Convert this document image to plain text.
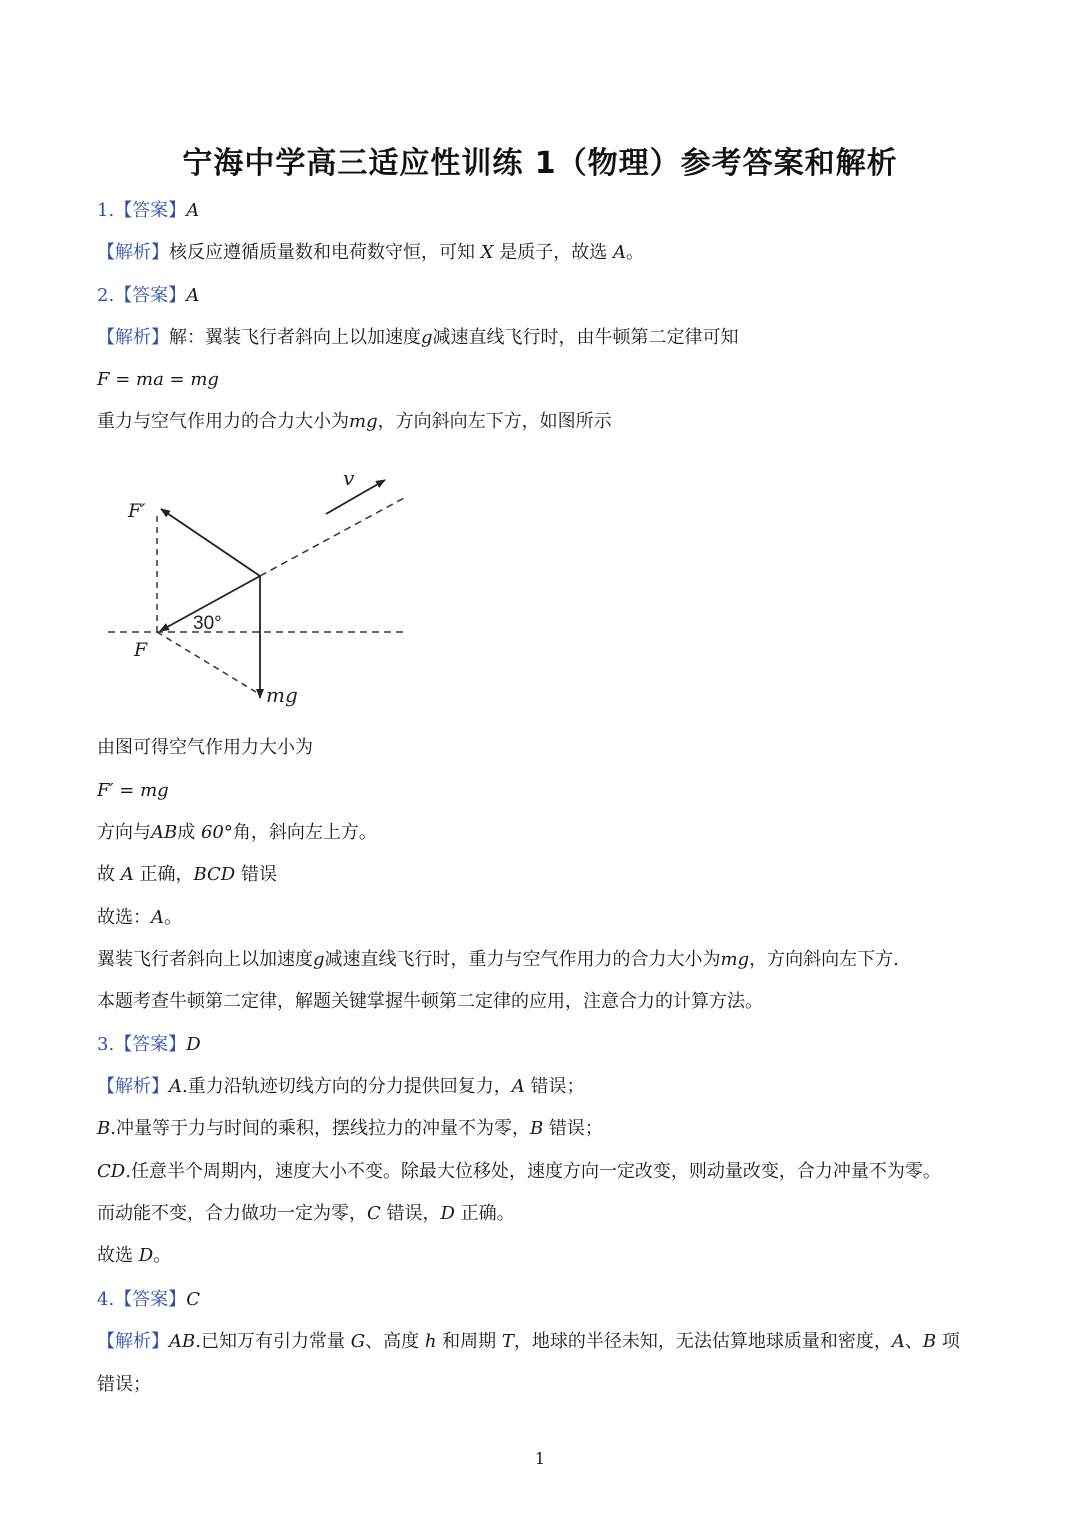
宁海中学高三适应性训练 1（物理）参考答案和解析
1.【答案】A
【解析】核反应遵循质量数和电荷数守恒，可知 X 是质子，故选 A。
2.【答案】A
【解析】解：翼装飞行者斜向上以加速度g减速直线飞行时，由牛顿第二定律可知
F = ma = mg
重力与空气作用力的合力大小为mg，方向斜向左下方，如图所示
v
F′
F
30°
mg
由图可得空气作用力大小为
F′ = mg
方向与AB成 60°角，斜向左上方。
故 A 正确，BCD 错误
故选：A。
翼装飞行者斜向上以加速度g减速直线飞行时，重力与空气作用力的合力大小为mg，方向斜向左下方.
本题考查牛顿第二定律，解题关键掌握牛顿第二定律的应用，注意合力的计算方法。
3.【答案】D
【解析】A.重力沿轨迹切线方向的分力提供回复力，A 错误；
B.冲量等于力与时间的乘积，摆线拉力的冲量不为零，B 错误；
CD.任意半个周期内，速度大小不变。除最大位移处，速度方向一定改变，则动量改变，合力冲量不为零。
而动能不变，合力做功一定为零，C 错误，D 正确。
故选 D。
4.【答案】C
【解析】AB.已知万有引力常量 G、高度 h 和周期 T，地球的半径未知，无法估算地球质量和密度，A、B 项
错误；
1
